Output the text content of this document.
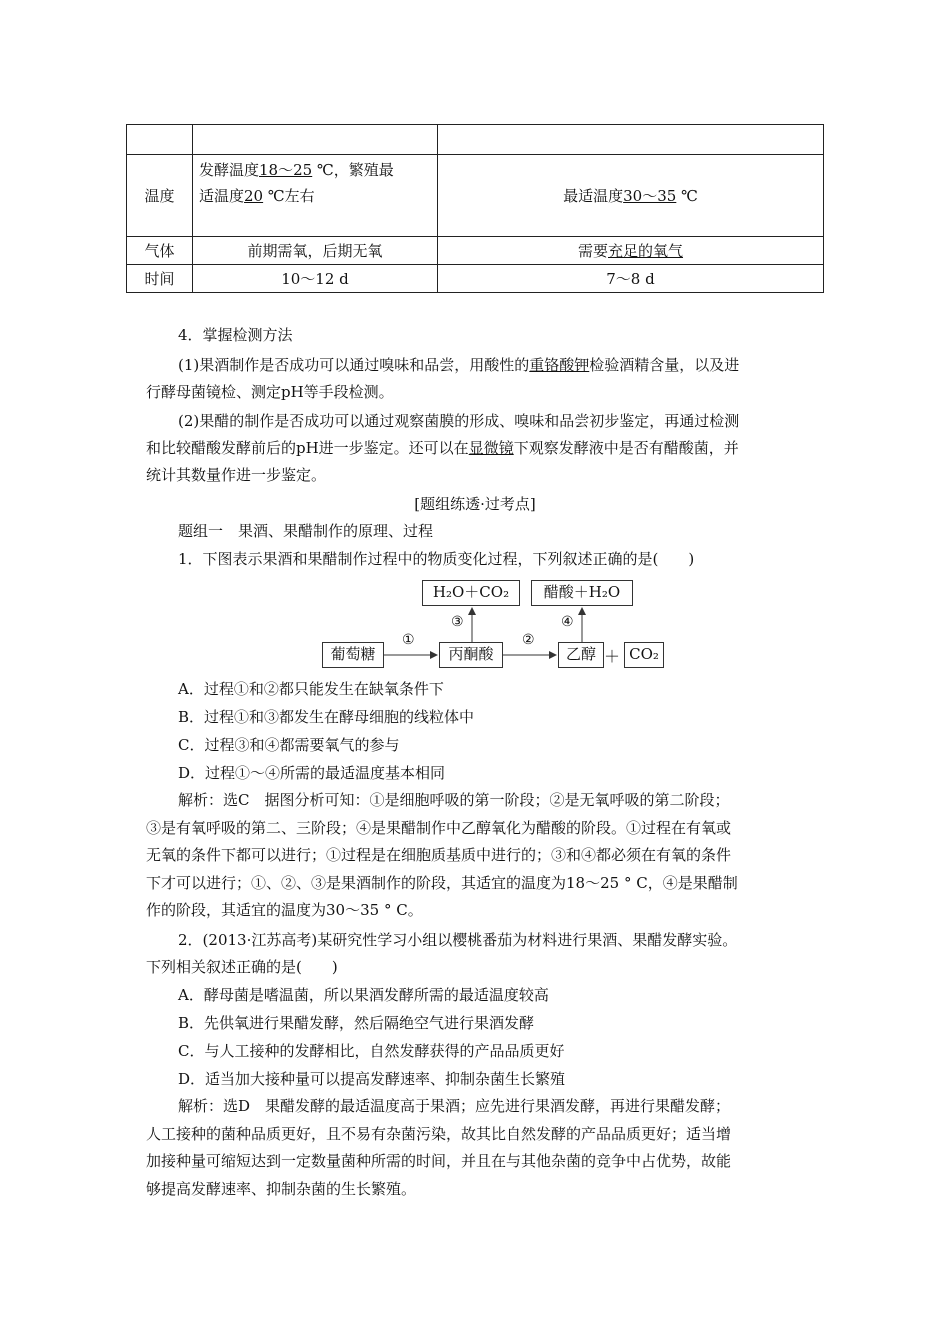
温度	发酵温度18～25 ℃，繁殖最
适温度20 ℃左右	最适温度30～35 ℃
气体	前期需氧，后期无氧	需要充足的氧气
时间	10～12 d	7～8 d
4．掌握检测方法
(1)果酒制作是否成功可以通过嗅味和品尝，用酸性的重铬酸钾检验酒精含量，以及进
行酵母菌镜检、测定pH等手段检测。
(2)果醋的制作是否成功可以通过观察菌膜的形成、嗅味和品尝初步鉴定，再通过检测
和比较醋酸发酵前后的pH进一步鉴定。还可以在显微镜下观察发酵液中是否有醋酸菌，并
统计其数量作进一步鉴定。
[题组练透·过考点]
题组一　果酒、果醋制作的原理、过程
1．下图表示果酒和果醋制作过程中的物质变化过程，下列叙述正确的是(　　)
H₂O＋CO₂	醋酸＋H₂O
葡萄糖	丙酮酸	乙醇 ＋ CO₂
①	②
③	④
A．过程①和②都只能发生在缺氧条件下
B．过程①和③都发生在酵母细胞的线粒体中
C．过程③和④都需要氧气的参与
D．过程①～④所需的最适温度基本相同
解析：选C　据图分析可知：①是细胞呼吸的第一阶段；②是无氧呼吸的第二阶段；
③是有氧呼吸的第二、三阶段；④是果醋制作中乙醇氧化为醋酸的阶段。①过程在有氧或
无氧的条件下都可以进行；①过程是在细胞质基质中进行的；③和④都必须在有氧的条件
下才可以进行；①、②、③是果酒制作的阶段，其适宜的温度为18～25 ° C，④是果醋制
作的阶段，其适宜的温度为30～35 ° C。
2．(2013·江苏高考)某研究性学习小组以樱桃番茄为材料进行果酒、果醋发酵实验。
下列相关叙述正确的是(　　)
A．酵母菌是嗜温菌，所以果酒发酵所需的最适温度较高
B．先供氧进行果醋发酵，然后隔绝空气进行果酒发酵
C．与人工接种的发酵相比，自然发酵获得的产品品质更好
D．适当加大接种量可以提高发酵速率、抑制杂菌生长繁殖
解析：选D　果醋发酵的最适温度高于果酒；应先进行果酒发酵，再进行果醋发酵；
人工接种的菌种品质更好，且不易有杂菌污染，故其比自然发酵的产品品质更好；适当增
加接种量可缩短达到一定数量菌种所需的时间，并且在与其他杂菌的竞争中占优势，故能
够提高发酵速率、抑制杂菌的生长繁殖。
